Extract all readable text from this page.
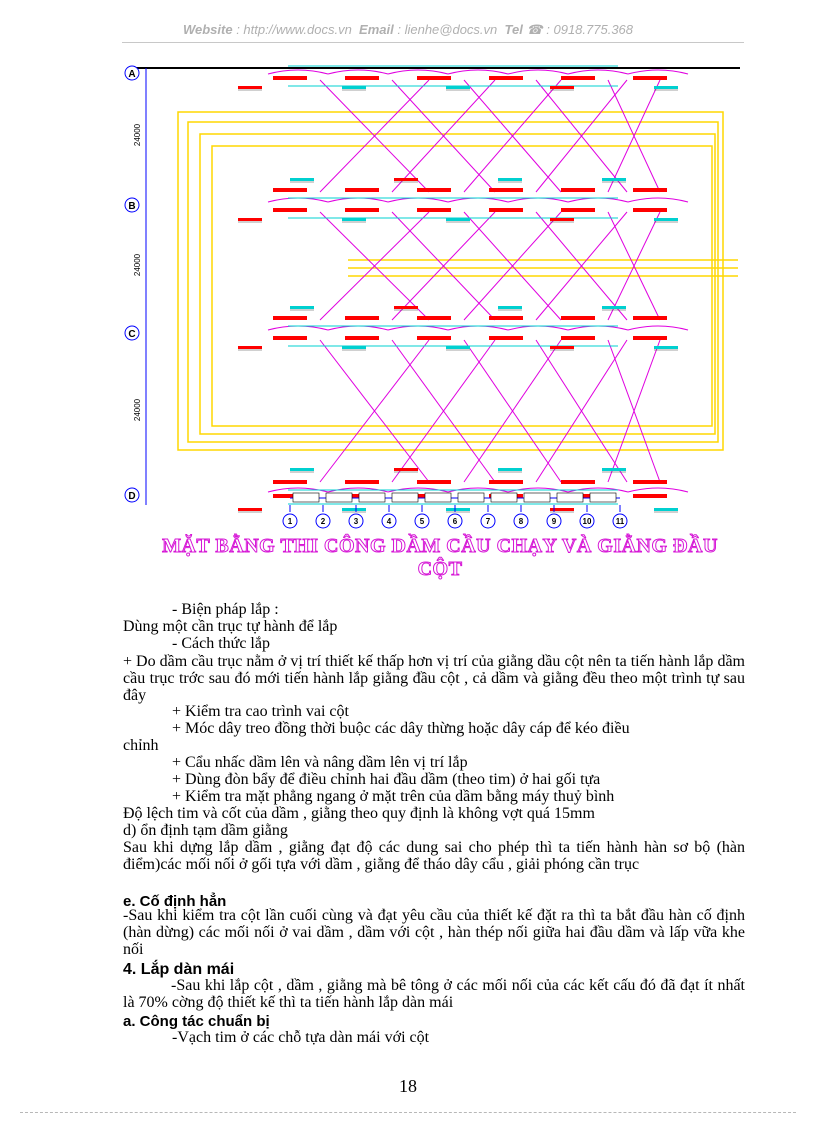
Website : http://www.docs.vn Email : lienhe@docs.vn Tel ☎ : 0918.775.368
A
B
C
D
1	2	3	4	5	6	7	8	9	10	11
24000
24000
24000
MẶT BẰNG THI CÔNG DẦM CẦU CHẠY VÀ GIẰNG ĐẦU CỘT
- Biện pháp lắp :
Dùng một cần trục tự hành để lắp
- Cách thức lắp
+ Do dầm cầu trục nằm ở vị trí thiết kế thấp hơn vị trí của giằng dầu cột nên ta tiến hành lắp dầm cầu trục trớc sau đó mới tiến hành lắp giằng đầu cột , cả dầm và giằng đều theo một trình tự sau đây
+ Kiểm tra cao trình vai cột
+ Móc dây treo đồng thời buộc các dây thừng hoặc dây cáp để kéo điều
chỉnh
+ Cẩu nhấc dầm lên và nâng dầm lên vị trí lắp
+ Dùng đòn bẩy để điều chỉnh hai đầu dầm (theo tim) ở hai gối tựa
+ Kiểm tra mặt phẳng ngang ở mặt trên của dầm bằng máy thuỷ bình
Độ lệch tim và cốt của dầm , giằng theo quy định là không vợt quá 15mm
d) ổn định tạm dầm giằng
Sau khi dựng lắp dầm , giằng đạt độ các dung sai cho phép thì ta tiến hành hàn sơ bộ (hàn điểm)các mối nối ở gối tựa với dầm , giằng để tháo dây cẩu , giải phóng cần trục
e. Cố định hẳn
-Sau khi kiểm tra cột lần cuối cùng và đạt yêu cầu của thiết kế đặt ra thì ta bắt đầu hàn cố định (hàn dừng) các mối nối ở vai dầm , dầm với cột , hàn thép nối giữa hai đầu dầm và lấp vữa khe nối
4. Lắp dàn mái
-Sau khi lắp cột , dầm , giằng mà bê tông ở các mối nối của các kết cấu đó đã đạt ít nhất là 70% cờng độ thiết kế thì ta tiến hành lắp dàn mái
a. Công tác chuẩn bị
-Vạch tim ở các chỗ tựa dàn mái với cột
18
